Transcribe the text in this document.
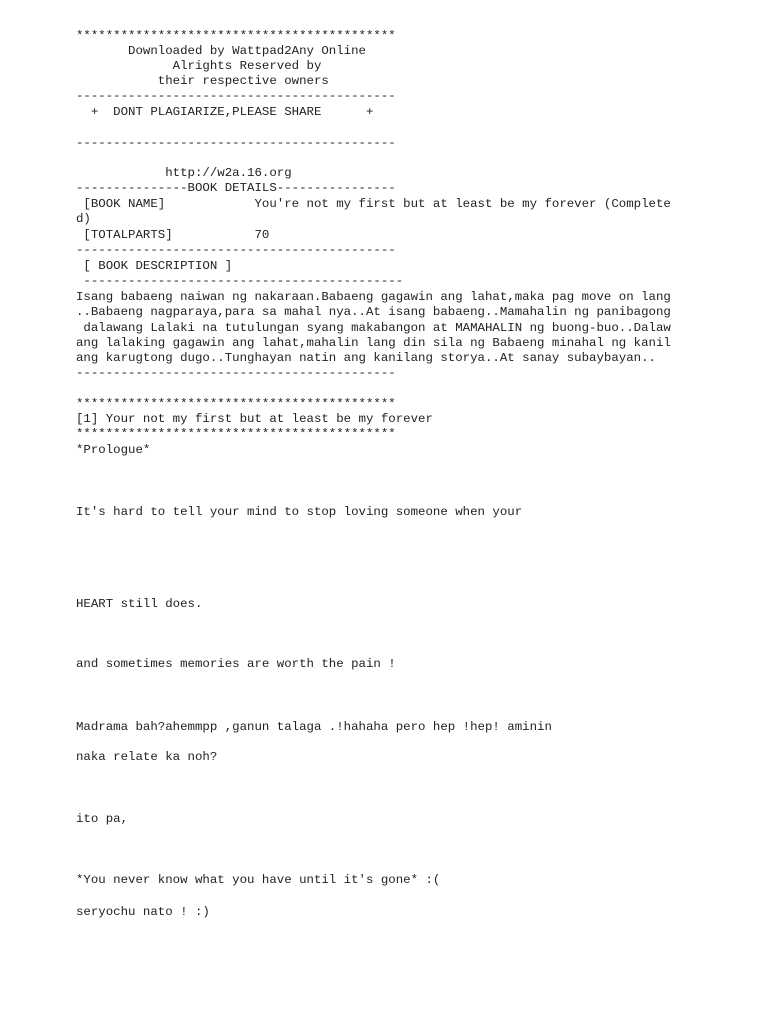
*******************************************

Downloaded by Wattpad2Any Online

Alrights Reserved by

their respective owners

-------------------------------------------

+  DONT PLAGIARIZE,PLEASE SHARE      +

-------------------------------------------

http://w2a.16.org

---------------BOOK DETAILS----------------

[BOOK NAME]            You're not my first but at least be my forever (Complete

d)

[TOTALPARTS]           70

-------------------------------------------

[ BOOK DESCRIPTION ]

-------------------------------------------

Isang babaeng naiwan ng nakaraan.Babaeng gagawin ang lahat,maka pag move on lang

..Babaeng nagparaya,para sa mahal nya..At isang babaeng..Mamahalin ng panibagong

dalawang Lalaki na tutulungan syang makabangon at MAMAHALIN ng buong-buo..Dalaw

ang lalaking gagawin ang lahat,mahalin lang din sila ng Babaeng minahal ng kanil

ang karugtong dugo..Tunghayan natin ang kanilang storya..At sanay subaybayan..

-------------------------------------------

*******************************************

[1] Your not my first but at least be my forever

*******************************************

*Prologue*

It's hard to tell your mind to stop loving someone when your

HEART still does.

and sometimes memories are worth the pain !

Madrama bah?ahemmpp ,ganun talaga .!hahaha pero hep !hep! aminin

naka relate ka noh?

ito pa,

*You never know what you have until it's gone* :(

seryochu nato ! :)
